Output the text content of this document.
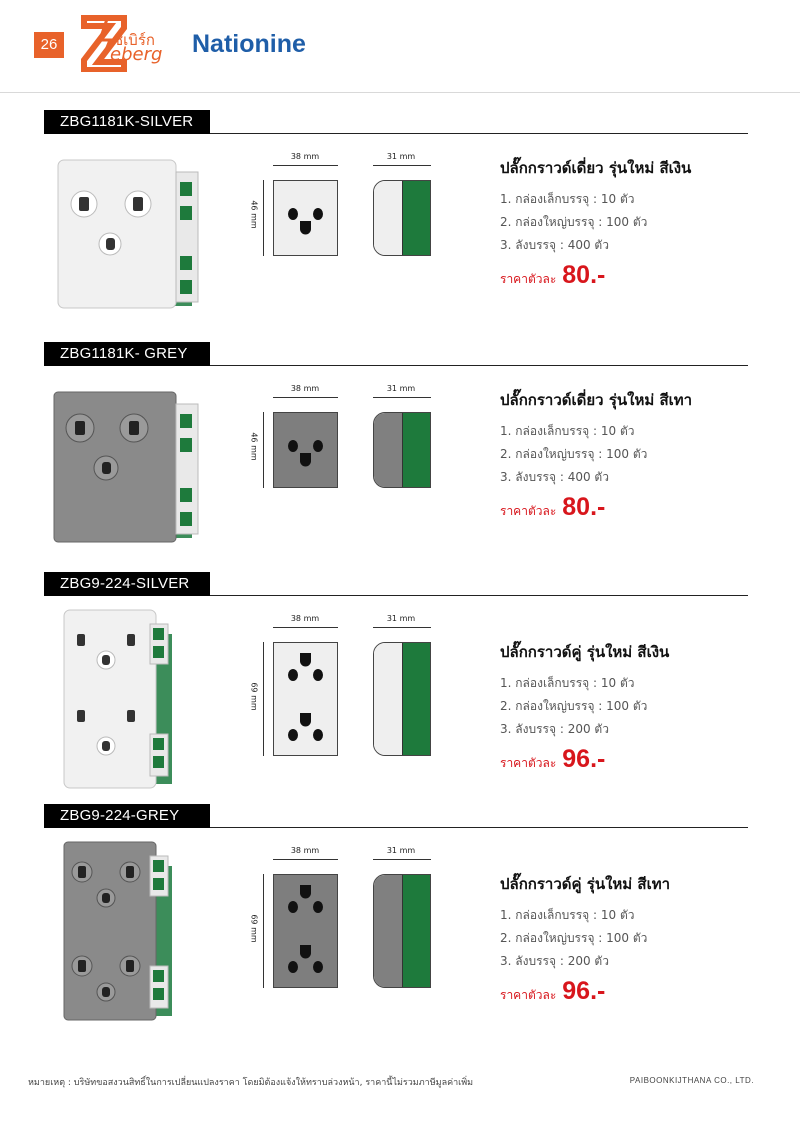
26	ซีเบิร์ก
eberg Nationine
ZBG1181K-SILVER
38 mm	31 mm
46 mm
ปลั๊กกราวด์เดี่ยว รุ่นใหม่ สีเงิน
1. กล่องเล็กบรรจุ : 10 ตัว
2. กล่องใหญ่บรรจุ : 100 ตัว
3. ลังบรรจุ : 400 ตัว
ราคาตัวละ 80.-
ZBG1181K- GREY
38 mm	31 mm
46 mm
ปลั๊กกราวด์เดี่ยว รุ่นใหม่ สีเทา
1. กล่องเล็กบรรจุ : 10 ตัว
2. กล่องใหญ่บรรจุ : 100 ตัว
3. ลังบรรจุ : 400 ตัว
ราคาตัวละ 80.-
ZBG9-224-SILVER
38 mm	31 mm
69 mm
ปลั๊กกราวด์คู่ รุ่นใหม่ สีเงิน
1. กล่องเล็กบรรจุ : 10 ตัว
2. กล่องใหญ่บรรจุ : 100 ตัว
3. ลังบรรจุ : 200 ตัว
ราคาตัวละ 96.-
ZBG9-224-GREY
38 mm	31 mm
69 mm
ปลั๊กกราวด์คู่ รุ่นใหม่ สีเทา
1. กล่องเล็กบรรจุ : 10 ตัว
2. กล่องใหญ่บรรจุ : 100 ตัว
3. ลังบรรจุ : 200 ตัว
ราคาตัวละ 96.-
หมายเหตุ : บริษัทขอสงวนสิทธิ์ในการเปลี่ยนแปลงราคา โดยมิต้องแจ้งให้ทราบล่วงหน้า, ราคานี้ไม่รวมภาษีมูลค่าเพิ่ม	PAIBOONKIJTHANA CO., LTD.
